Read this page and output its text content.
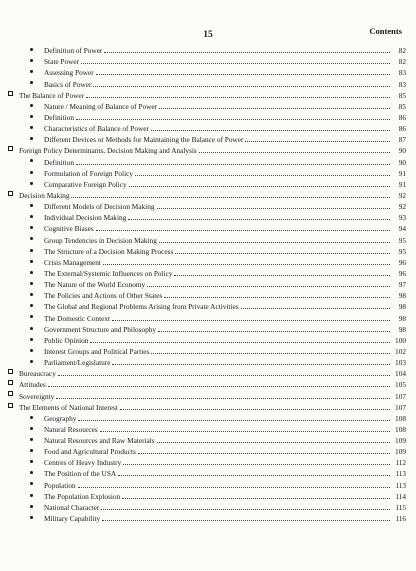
15	Contents
Definition of Power	82
State Power	82
Assessing Power	83
Basics of Power	83
The Balance of Power	85
Nature / Meaning of Balance of Power	85
Definition	86
Characteristics of Balance of Power	86
Different Devices or Methods for Maintaining the Balance of Power	87
Foreign Policy Determinants, Decision Making and Analysis	90
Definition	90
Formulation of Foreign Policy	91
Comparative Foreign Policy	91
Decision Making	92
Different Models of Decision Making	92
Individual Decision Making	93
Cognitive Biases	94
Group Tendencies in Decision Making	95
The Structure of a Decision Making Process	95
Crisis Management	96
The External/Systemic Influences on Policy	96
The Nature of the World Economy	97
The Policies and Actions of Other States	98
The Global and Regional Problems Arising from Private Activities	98
The Domestic Context	98
Government Structure and Philosophy	98
Public Opinion	100
Interest Groups and Political Parties	102
Parliament/Legislature	103
Bureaucracy	104
Attitudes	105
Sovereignty	107
The Elements of National Interest	107
Geography	108
Natural Resources	108
Natural Resources and Raw Materials	109
Food and Agricultural Products	109
Centres of Heavy Industry	112
The Position of the USA	113
Population	113
The Population Explosion	114
National Character	115
Military Capability	116
